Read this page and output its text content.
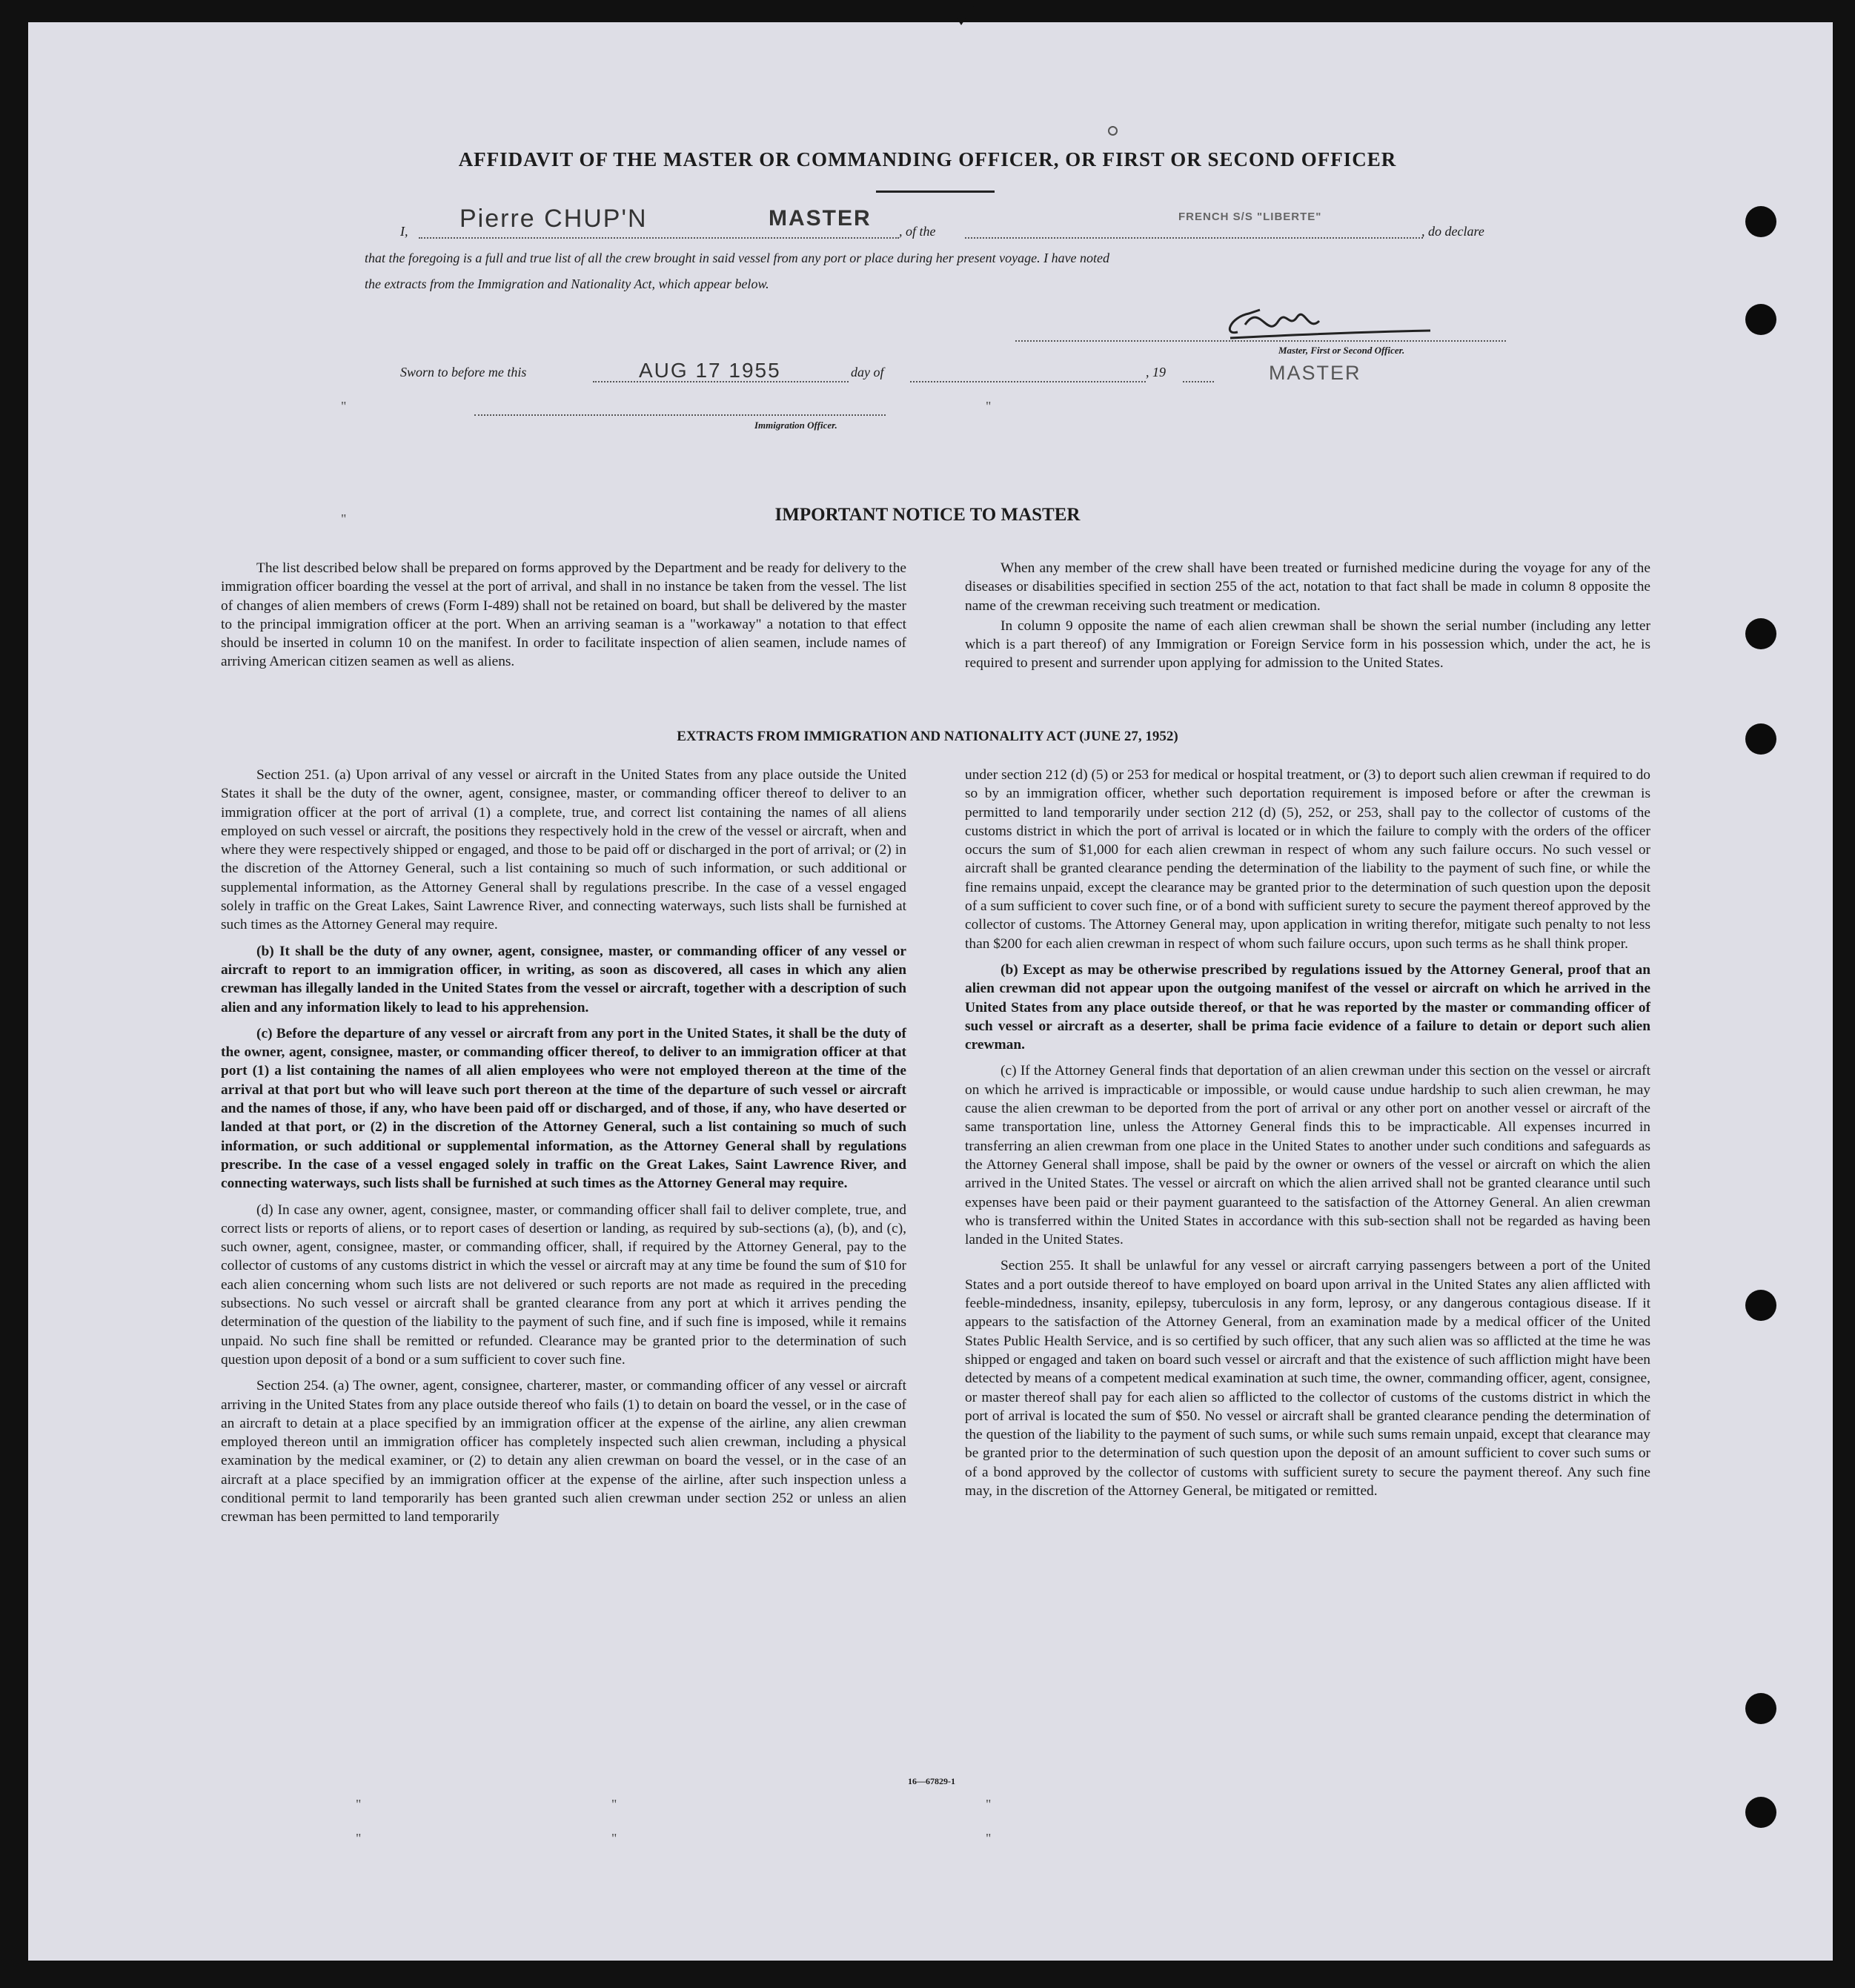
AFFIDAVIT OF THE MASTER OR COMMANDING OFFICER, OR FIRST OR SECOND OFFICER
I, Pierre CHUP'N	MASTER
, of the
FRENCH S/S "LIBERTE"
, do declare
that the foregoing is a full and true list of all the crew brought in said vessel from any port or place during her present voyage. I have noted
the extracts from the Immigration and Nationality Act, which appear below.
Master, First or Second Officer.
MASTER
Sworn to before me this	AUG 17 1955	day of	, 19
Immigration Officer.
IMPORTANT NOTICE TO MASTER

The list described below shall be prepared on forms approved by the Department and be ready for delivery to the immigration officer boarding the vessel at the port of arrival, and shall in no instance be taken from the vessel. The list of changes of alien members of crews (Form I-489) shall not be retained on board, but shall be delivered by the master to the principal immigration officer at the port. When an arriving seaman is a "workaway" a notation to that effect should be inserted in column 10 on the manifest. In order to facilitate inspection of alien seamen, include names of arriving American citizen seamen as well as aliens.

When any member of the crew shall have been treated or furnished medicine during the voyage for any of the diseases or disabilities specified in section 255 of the act, notation to that fact shall be made in column 8 opposite the name of the crewman receiving such treatment or medication.

In column 9 opposite the name of each alien crewman shall be shown the serial number (including any letter which is a part thereof) of any Immigration or Foreign Service form in his possession which, under the act, he is required to present and surrender upon applying for admission to the United States.

EXTRACTS FROM IMMIGRATION AND NATIONALITY ACT (JUNE 27, 1952)

Section 251. (a) Upon arrival of any vessel or aircraft in the United States from any place outside the United States it shall be the duty of the owner, agent, consignee, master, or commanding officer thereof to deliver to an immigration officer at the port of arrival (1) a complete, true, and correct list containing the names of all aliens employed on such vessel or aircraft, the positions they respectively hold in the crew of the vessel or aircraft, when and where they were respectively shipped or engaged, and those to be paid off or discharged in the port of arrival; or (2) in the discretion of the Attorney General, such a list containing so much of such information, or such additional or supplemental information, as the Attorney General shall by regulations prescribe. In the case of a vessel engaged solely in traffic on the Great Lakes, Saint Lawrence River, and connecting waterways, such lists shall be furnished at such times as the Attorney General may require.

(b) It shall be the duty of any owner, agent, consignee, master, or commanding officer of any vessel or aircraft to report to an immigration officer, in writing, as soon as discovered, all cases in which any alien crewman has illegally landed in the United States from the vessel or aircraft, together with a description of such alien and any information likely to lead to his apprehension.

(c) Before the departure of any vessel or aircraft from any port in the United States, it shall be the duty of the owner, agent, consignee, master, or commanding officer thereof, to deliver to an immigration officer at that port (1) a list containing the names of all alien employees who were not employed thereon at the time of the arrival at that port but who will leave such port thereon at the time of the departure of such vessel or aircraft and the names of those, if any, who have been paid off or discharged, and of those, if any, who have deserted or landed at that port, or (2) in the discretion of the Attorney General, such a list containing so much of such information, or such additional or supplemental information, as the Attorney General shall by regulations prescribe. In the case of a vessel engaged solely in traffic on the Great Lakes, Saint Lawrence River, and connecting waterways, such lists shall be furnished at such times as the Attorney General may require.

(d) In case any owner, agent, consignee, master, or commanding officer shall fail to deliver complete, true, and correct lists or reports of aliens, or to report cases of desertion or landing, as required by sub-sections (a), (b), and (c), such owner, agent, consignee, master, or commanding officer, shall, if required by the Attorney General, pay to the collector of customs of any customs district in which the vessel or aircraft may at any time be found the sum of $10 for each alien concerning whom such lists are not delivered or such reports are not made as required in the preceding subsections. No such vessel or aircraft shall be granted clearance from any port at which it arrives pending the determination of the question of the liability to the payment of such fine, and if such fine is imposed, while it remains unpaid. No such fine shall be remitted or refunded. Clearance may be granted prior to the determination of such question upon deposit of a bond or a sum sufficient to cover such fine.

Section 254. (a) The owner, agent, consignee, charterer, master, or commanding officer of any vessel or aircraft arriving in the United States from any place outside thereof who fails (1) to detain on board the vessel, or in the case of an aircraft to detain at a place specified by an immigration officer at the expense of the airline, any alien crewman employed thereon until an immigration officer has completely inspected such alien crewman, including a physical examination by the medical examiner, or (2) to detain any alien crewman on board the vessel, or in the case of an aircraft at a place specified by an immigration officer at the expense of the airline, after such inspection unless a conditional permit to land temporarily has been granted such alien crewman under section 252 or unless an alien crewman has been permitted to land temporarily

under section 212 (d) (5) or 253 for medical or hospital treatment, or (3) to deport such alien crewman if required to do so by an immigration officer, whether such deportation requirement is imposed before or after the crewman is permitted to land temporarily under section 212 (d) (5), 252, or 253, shall pay to the collector of customs of the customs district in which the port of arrival is located or in which the failure to comply with the orders of the officer occurs the sum of $1,000 for each alien crewman in respect of whom any such failure occurs. No such vessel or aircraft shall be granted clearance pending the determination of the liability to the payment of such fine, or while the fine remains unpaid, except the clearance may be granted prior to the determination of such question upon the deposit of a sum sufficient to cover such fine, or of a bond with sufficient surety to secure the payment thereof approved by the collector of customs. The Attorney General may, upon application in writing therefor, mitigate such penalty to not less than $200 for each alien crewman in respect of whom such failure occurs, upon such terms as he shall think proper.

(b) Except as may be otherwise prescribed by regulations issued by the Attorney General, proof that an alien crewman did not appear upon the outgoing manifest of the vessel or aircraft on which he arrived in the United States from any place outside thereof, or that he was reported by the master or commanding officer of such vessel or aircraft as a deserter, shall be prima facie evidence of a failure to detain or deport such alien crewman.

(c) If the Attorney General finds that deportation of an alien crewman under this section on the vessel or aircraft on which he arrived is impracticable or impossible, or would cause undue hardship to such alien crewman, he may cause the alien crewman to be deported from the port of arrival or any other port on another vessel or aircraft of the same transportation line, unless the Attorney General finds this to be impracticable. All expenses incurred in transferring an alien crewman from one place in the United States to another under such conditions and safeguards as the Attorney General shall impose, shall be paid by the owner or owners of the vessel or aircraft on which the alien arrived in the United States. The vessel or aircraft on which the alien arrived shall not be granted clearance until such expenses have been paid or their payment guaranteed to the satisfaction of the Attorney General. An alien crewman who is transferred within the United States in accordance with this sub-section shall not be regarded as having been landed in the United States.

Section 255. It shall be unlawful for any vessel or aircraft carrying passengers between a port of the United States and a port outside thereof to have employed on board upon arrival in the United States any alien afflicted with feeble-mindedness, insanity, epilepsy, tuberculosis in any form, leprosy, or any dangerous contagious disease. If it appears to the satisfaction of the Attorney General, from an examination made by a medical officer of the United States Public Health Service, and is so certified by such officer, that any such alien was so afflicted at the time he was shipped or engaged and taken on board such vessel or aircraft and that the existence of such affliction might have been detected by means of a competent medical examination at such time, the owner, commanding officer, agent, consignee, or master thereof shall pay for each alien so afflicted to the collector of customs of the customs district in which the port of arrival is located the sum of $50. No vessel or aircraft shall be granted clearance pending the determination of the question of the liability to the payment of such sums, or while such sums remain unpaid, except that clearance may be granted prior to the determination of such question upon the deposit of an amount sufficient to cover such sums or of a bond approved by the collector of customs with sufficient surety to secure the payment thereof. Any such fine may, in the discretion of the Attorney General, be mitigated or remitted.

16—67829-1
"	"
"
"	"	"
"	"	"
